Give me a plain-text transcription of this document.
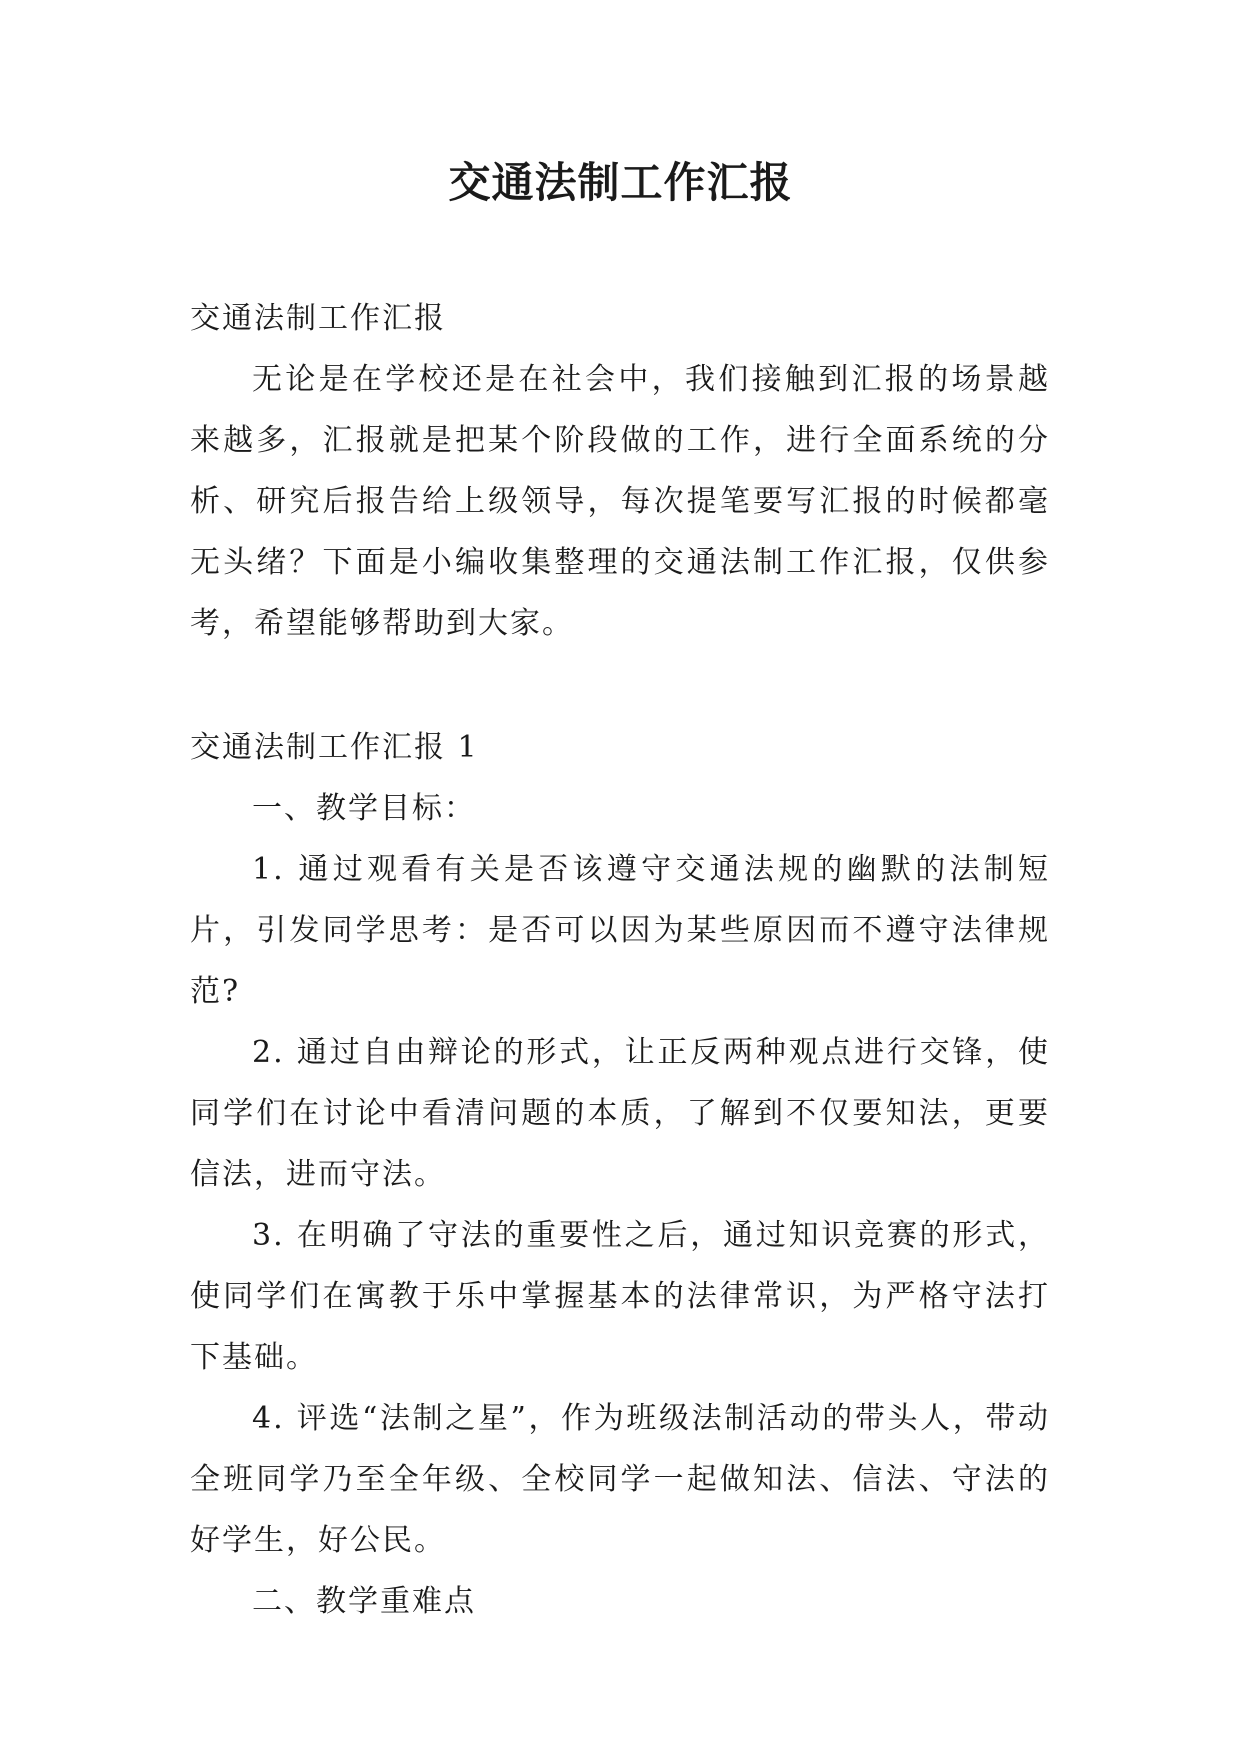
交通法制工作汇报

交通法制工作汇报

无论是在学校还是在社会中，我们接触到汇报的场景越来越多，汇报就是把某个阶段做的工作，进行全面系统的分析、研究后报告给上级领导，每次提笔要写汇报的时候都毫无头绪？下面是小编收集整理的交通法制工作汇报，仅供参考，希望能够帮助到大家。

交通法制工作汇报 1

一、教学目标：

1. 通过观看有关是否该遵守交通法规的幽默的法制短片，引发同学思考：是否可以因为某些原因而不遵守法律规范?

2. 通过自由辩论的形式，让正反两种观点进行交锋，使同学们在讨论中看清问题的本质，了解到不仅要知法，更要信法，进而守法。

3. 在明确了守法的重要性之后，通过知识竞赛的形式，使同学们在寓教于乐中掌握基本的法律常识，为严格守法打下基础。

4. 评选“法制之星”，作为班级法制活动的带头人，带动全班同学乃至全年级、全校同学一起做知法、信法、守法的好学生，好公民。

二、教学重难点
